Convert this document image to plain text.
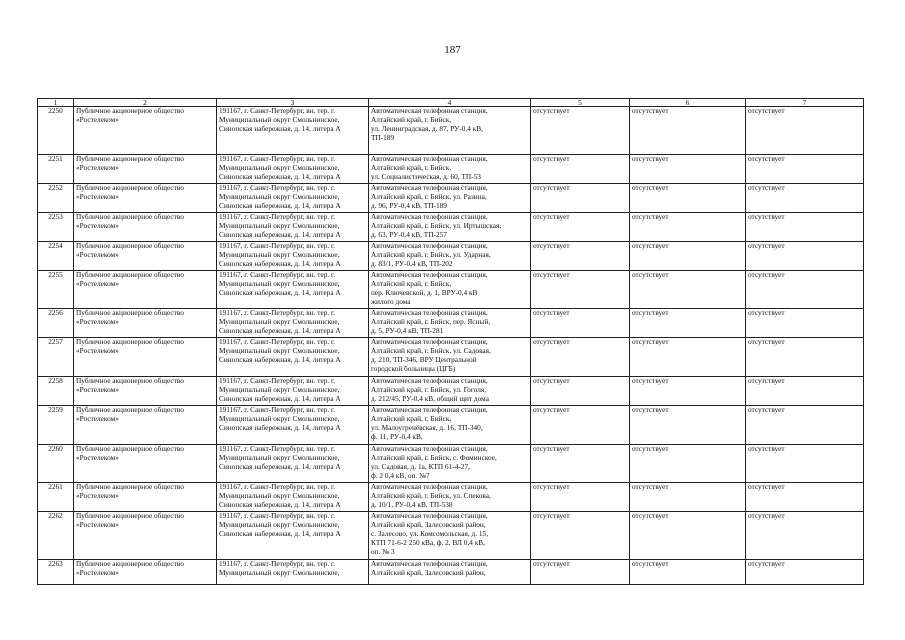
187
1	2	3	4	5	6	7
2250	Публичное акционерное общество
«Ростелеком»	191167, г. Санкт-Петербург, вн. тер. г.
Муниципальный округ Смольнинское,
Синопская набережная, д. 14, литера А	Автоматическая телефонная станция,
Алтайский край, г. Бийск,
ул. Ленинградская, д. 87, РУ-0,4 кВ,
ТП-189	отсутствует	отсутствует	отсутствует
2251	Публичное акционерное общество
«Ростелеком»	191167, г. Санкт-Петербург, вн. тер. г.
Муниципальный округ Смольнинское,
Синопская набережная, д. 14, литера А	Автоматическая телефонная станция,
Алтайский край, г. Бийск,
ул. Социалистическая, д. 60, ТП-53	отсутствует	отсутствует	отсутствует
2252	Публичное акционерное общество
«Ростелеком»	191167, г. Санкт-Петербург, вн. тер. г.
Муниципальный округ Смольнинское,
Синопская набережная, д. 14, литера А	Автоматическая телефонная станция,
Алтайский край, г. Бийск, ул. Разина,
д. 96, РУ-0,4 кВ, ТП-189	отсутствует	отсутствует	отсутствует
2253	Публичное акционерное общество
«Ростелеком»	191167, г. Санкт-Петербург, вн. тер. г.
Муниципальный округ Смольнинское,
Синопская набережная, д. 14, литера А	Автоматическая телефонная станция,
Алтайский край, г. Бийск, ул. Иртышская,
д. 63, РУ-0,4 кВ, ТП-257	отсутствует	отсутствует	отсутствует
2254	Публичное акционерное общество
«Ростелеком»	191167, г. Санкт-Петербург, вн. тер. г.
Муниципальный округ Смольнинское,
Синопская набережная, д. 14, литера А	Автоматическая телефонная станция,
Алтайский край, г. Бийск, ул. Ударная,
д. 83/1, РУ-0,4 кВ, ТП-202	отсутствует	отсутствует	отсутствует
2255	Публичное акционерное общество
«Ростелеком»	191167, г. Санкт-Петербург, вн. тер. г.
Муниципальный округ Смольнинское,
Синопская набережная, д. 14, литера А	Автоматическая телефонная станция,
Алтайский край, г. Бийск,
пер. Ключевской, д. 1, ВРУ-0,4 кВ
жилого дома	отсутствует	отсутствует	отсутствует
2256	Публичное акционерное общество
«Ростелеком»	191167, г. Санкт-Петербург, вн. тер. г.
Муниципальный округ Смольнинское,
Синопская набережная, д. 14, литера А	Автоматическая телефонная станция,
Алтайский край, г. Бийск, пер. Ясный,
д. 5, РУ-0,4 кВ, ТП-281	отсутствует	отсутствует	отсутствует
2257	Публичное акционерное общество
«Ростелеком»	191167, г. Санкт-Петербург, вн. тер. г.
Муниципальный округ Смольнинское,
Синопская набережная, д. 14, литера А	Автоматическая телефонная станция,
Алтайский край, г. Бийск, ул. Садовая,
д. 210, ТП-346, ВРУ Центральной
городской больницы (ЦГБ)	отсутствует	отсутствует	отсутствует
2258	Публичное акционерное общество
«Ростелеком»	191167, г. Санкт-Петербург, вн. тер. г.
Муниципальный округ Смольнинское,
Синопская набережная, д. 14, литера А	Автоматическая телефонная станция,
Алтайский край, г. Бийск, ул. Гоголя,
д. 212/45, РУ-0,4 кВ, общий щит дома	отсутствует	отсутствует	отсутствует
2259	Публичное акционерное общество
«Ростелеком»	191167, г. Санкт-Петербург, вн. тер. г.
Муниципальный округ Смольнинское,
Синопская набережная, д. 14, литера А	Автоматическая телефонная станция,
Алтайский край, г. Бийск,
ул. Малоугренёвская, д. 16, ТП-340,
ф. 11, РУ-0,4 кВ,	отсутствует	отсутствует	отсутствует
2260	Публичное акционерное общество
«Ростелеком»	191167, г. Санкт-Петербург, вн. тер. г.
Муниципальный округ Смольнинское,
Синопская набережная, д. 14, литера А	Автоматическая телефонная станция,
Алтайский край, г. Бийск, с. Фоминское,
ул. Садовая, д. 1а, КТП 61-4-27,
ф. 2 0,4 кВ, оп. №7	отсутствует	отсутствует	отсутствует
2261	Публичное акционерное общество
«Ростелеком»	191167, г. Санкт-Петербург, вн. тер. г.
Муниципальный округ Смольнинское,
Синопская набережная, д. 14, литера А	Автоматическая телефонная станция,
Алтайский край, г. Бийск, ул. Спекова,
д. 10/1, РУ-0,4 кВ, ТП-538	отсутствует	отсутствует	отсутствует
2262	Публичное акционерное общество
«Ростелеком»	191167, г. Санкт-Петербург, вн. тер. г.
Муниципальный округ Смольнинское,
Синопская набережная, д. 14, литера А	Автоматическая телефонная станция,
Алтайский край, Залесовский район,
с. Залесово, ул. Комсомольская, д. 15,
КТП 71-6-2 250 кВа, ф. 2, ВЛ 0,4 кВ,
оп. № 3	отсутствует	отсутствует	отсутствует
2263	Публичное акционерное общество
«Ростелеком»	191167, г. Санкт-Петербург, вн. тер. г.
Муниципальный округ Смольнинское,	Автоматическая телефонная станция,
Алтайский край, Залесовский район,	отсутствует	отсутствует	отсутствует
